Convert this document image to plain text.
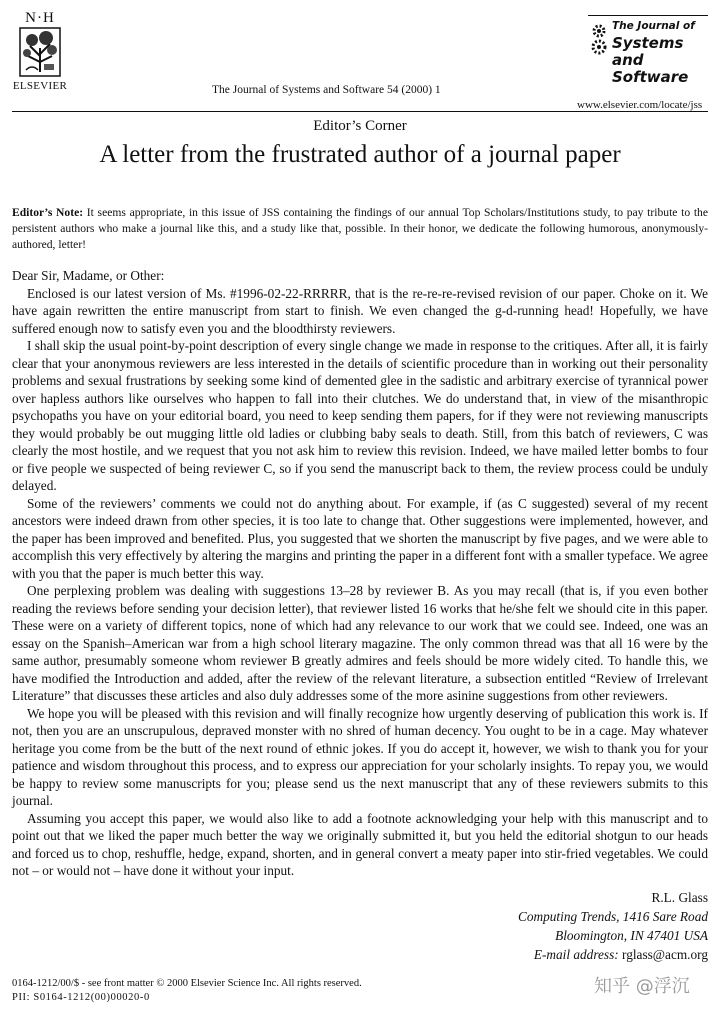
N·H
ELSEVIER	The Journal of Systems and Software 54 (2000) 1
The Journal of
Systems and
Software
www.elsevier.com/locate/jss
Editor’s Corner
A letter from the frustrated author of a journal paper
Editor’s Note: It seems appropriate, in this issue of JSS containing the findings of our annual Top Scholars/Institutions study, to pay tribute to the persistent authors who make a journal like this, and a study like that, possible. In their honor, we dedicate the following humorous, anonymously-authored, letter!

Dear Sir, Madame, or Other:

Enclosed is our latest version of Ms. #1996-02-22-RRRRR, that is the re-re-re-revised revision of our paper. Choke on it. We have again rewritten the entire manuscript from start to finish. We even changed the g-d-running head! Hopefully, we have suffered enough now to satisfy even you and the bloodthirsty reviewers.

I shall skip the usual point-by-point description of every single change we made in response to the critiques. After all, it is fairly clear that your anonymous reviewers are less interested in the details of scientific procedure than in working out their personality problems and sexual frustrations by seeking some kind of demented glee in the sadistic and arbitrary exercise of tyrannical power over hapless authors like ourselves who happen to fall into their clutches. We do understand that, in view of the misanthropic psychopaths you have on your editorial board, you need to keep sending them papers, for if they were not reviewing manuscripts they would probably be out mugging little old ladies or clubbing baby seals to death. Still, from this batch of reviewers, C was clearly the most hostile, and we request that you not ask him to review this revision. Indeed, we have mailed letter bombs to four or five people we suspected of being reviewer C, so if you send the manuscript back to them, the review process could be unduly delayed.

Some of the reviewers’ comments we could not do anything about. For example, if (as C suggested) several of my recent ancestors were indeed drawn from other species, it is too late to change that. Other suggestions were implemented, however, and the paper has been improved and benefited. Plus, you suggested that we shorten the manuscript by five pages, and we were able to accomplish this very effectively by altering the margins and printing the paper in a different font with a smaller typeface. We agree with you that the paper is much better this way.

One perplexing problem was dealing with suggestions 13–28 by reviewer B. As you may recall (that is, if you even bother reading the reviews before sending your decision letter), that reviewer listed 16 works that he/she felt we should cite in this paper. These were on a variety of different topics, none of which had any relevance to our work that we could see. Indeed, one was an essay on the Spanish–American war from a high school literary magazine. The only common thread was that all 16 were by the same author, presumably someone whom reviewer B greatly admires and feels should be more widely cited. To handle this, we have modified the Introduction and added, after the review of the relevant literature, a subsection entitled “Review of Irrelevant Literature” that discusses these articles and also duly addresses some of the more asinine suggestions from other reviewers.

We hope you will be pleased with this revision and will finally recognize how urgently deserving of publication this work is. If not, then you are an unscrupulous, depraved monster with no shred of human decency. You ought to be in a cage. May whatever heritage you come from be the butt of the next round of ethnic jokes. If you do accept it, however, we wish to thank you for your patience and wisdom throughout this process, and to express our appreciation for your scholarly insights. To repay you, we would be happy to review some manuscripts for you; please send us the next manuscript that any of these reviewers submits to this journal.

Assuming you accept this paper, we would also like to add a footnote acknowledging your help with this manuscript and to point out that we liked the paper much better the way we originally submitted it, but you held the editorial shotgun to our heads and forced us to chop, reshuffle, hedge, expand, shorten, and in general convert a meaty paper into stir-fried vegetables. We could not – or would not – have done it without your input.

R.L. Glass
Computing Trends, 1416 Sare Road
Bloomington, IN 47401 USA
E-mail address: rglass@acm.org
0164-1212/00/$ - see front matter © 2000 Elsevier Science Inc. All rights reserved.
PII: S0164-1212(00)00020-0
知乎 @浮沉
